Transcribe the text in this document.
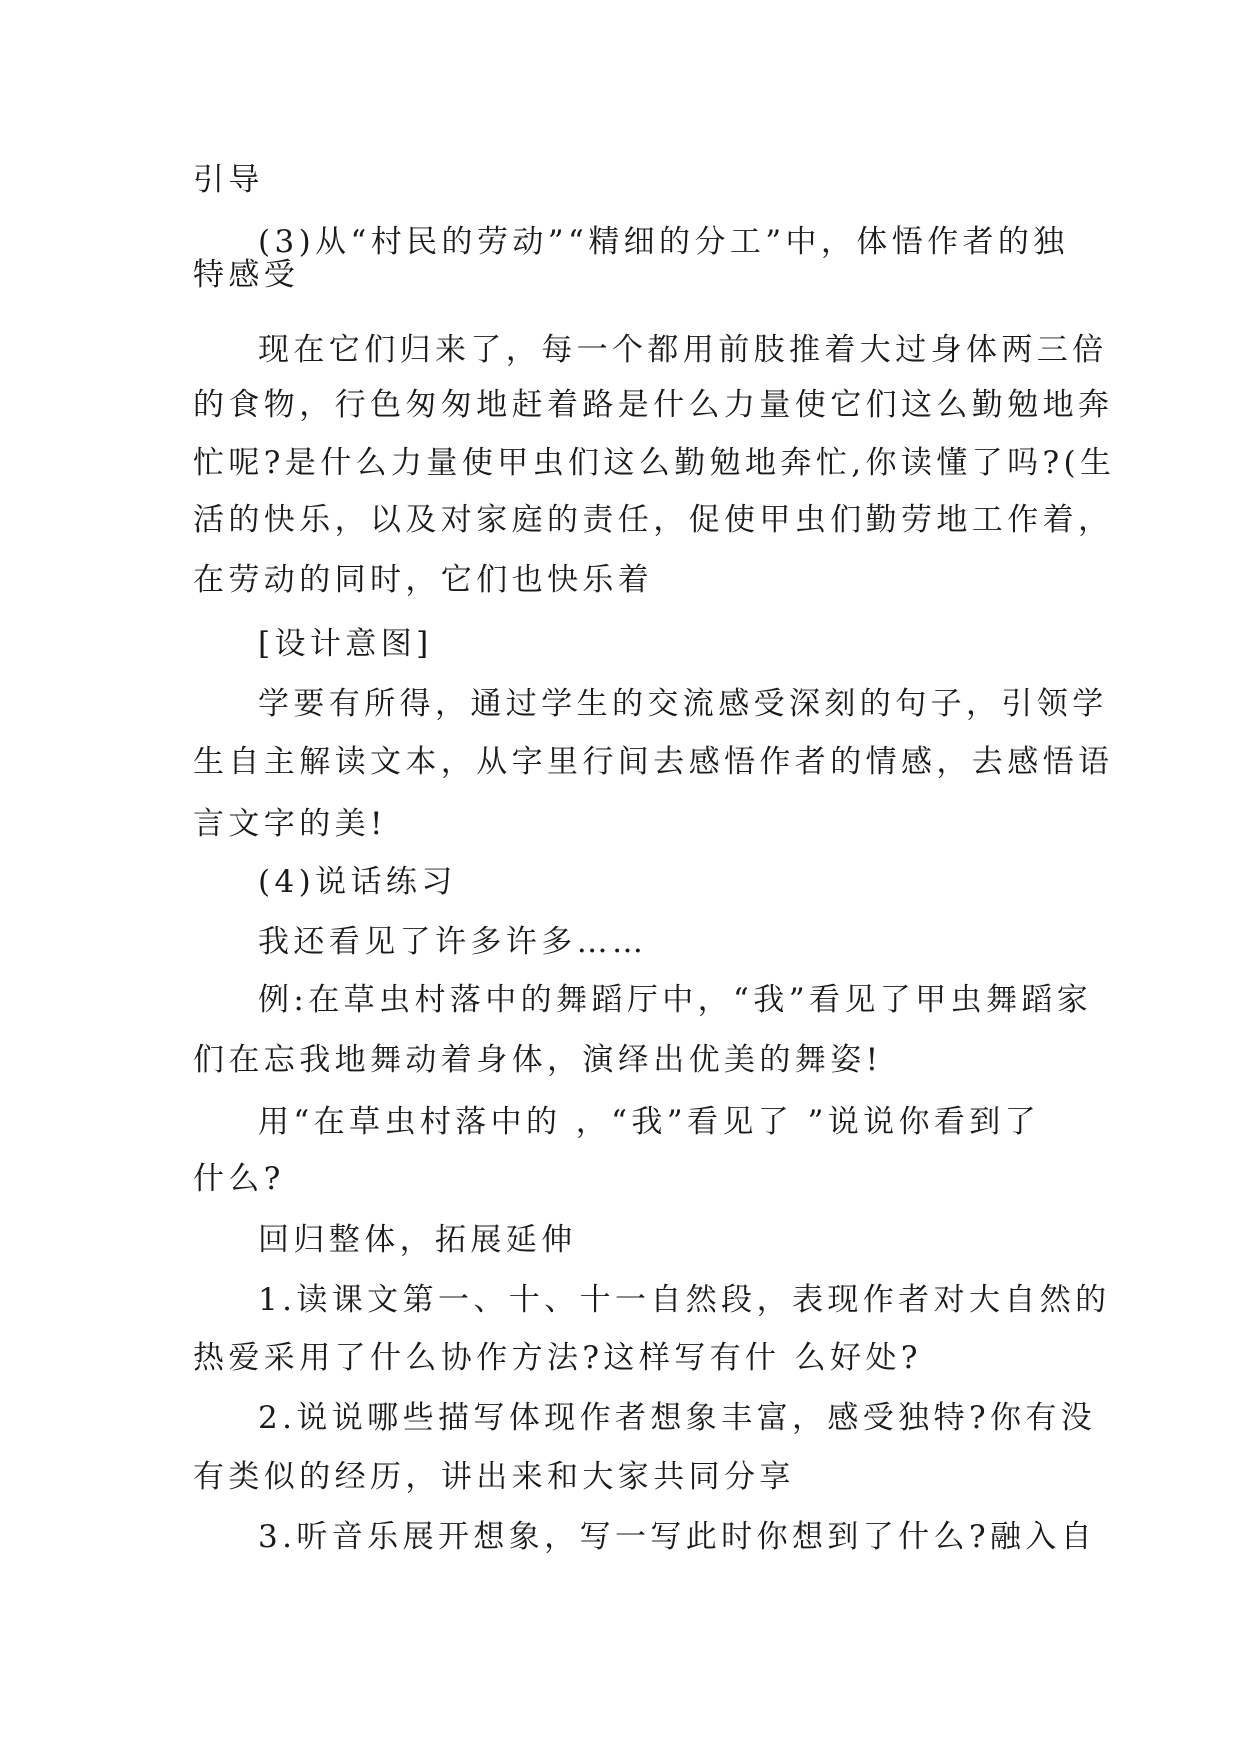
引导
(3)从“村民的劳动”“精细的分工”中，体悟作者的独
特感受
现在它们归来了，每一个都用前肢推着大过身体两三倍
的食物，行色匆匆地赶着路是什么力量使它们这么勤勉地奔
忙呢?是什么力量使甲虫们这么勤勉地奔忙,你读懂了吗?(生
活的快乐，以及对家庭的责任，促使甲虫们勤劳地工作着，
在劳动的同时，它们也快乐着
[设计意图]
学要有所得，通过学生的交流感受深刻的句子，引领学
生自主解读文本，从字里行间去感悟作者的情感，去感悟语
言文字的美!
(4)说话练习
我还看见了许多许多……
例:在草虫村落中的舞蹈厅中，“我”看见了甲虫舞蹈家
们在忘我地舞动着身体，演绎出优美的舞姿!
用“在草虫村落中的 ，“我”看见了 ”说说你看到了
什么?
回归整体，拓展延伸
1.读课文第一、十、十一自然段，表现作者对大自然的
热爱采用了什么协作方法?这样写有什 么好处?
2.说说哪些描写体现作者想象丰富，感受独特?你有没
有类似的经历，讲出来和大家共同分享
3.听音乐展开想象，写一写此时你想到了什么?融入自
